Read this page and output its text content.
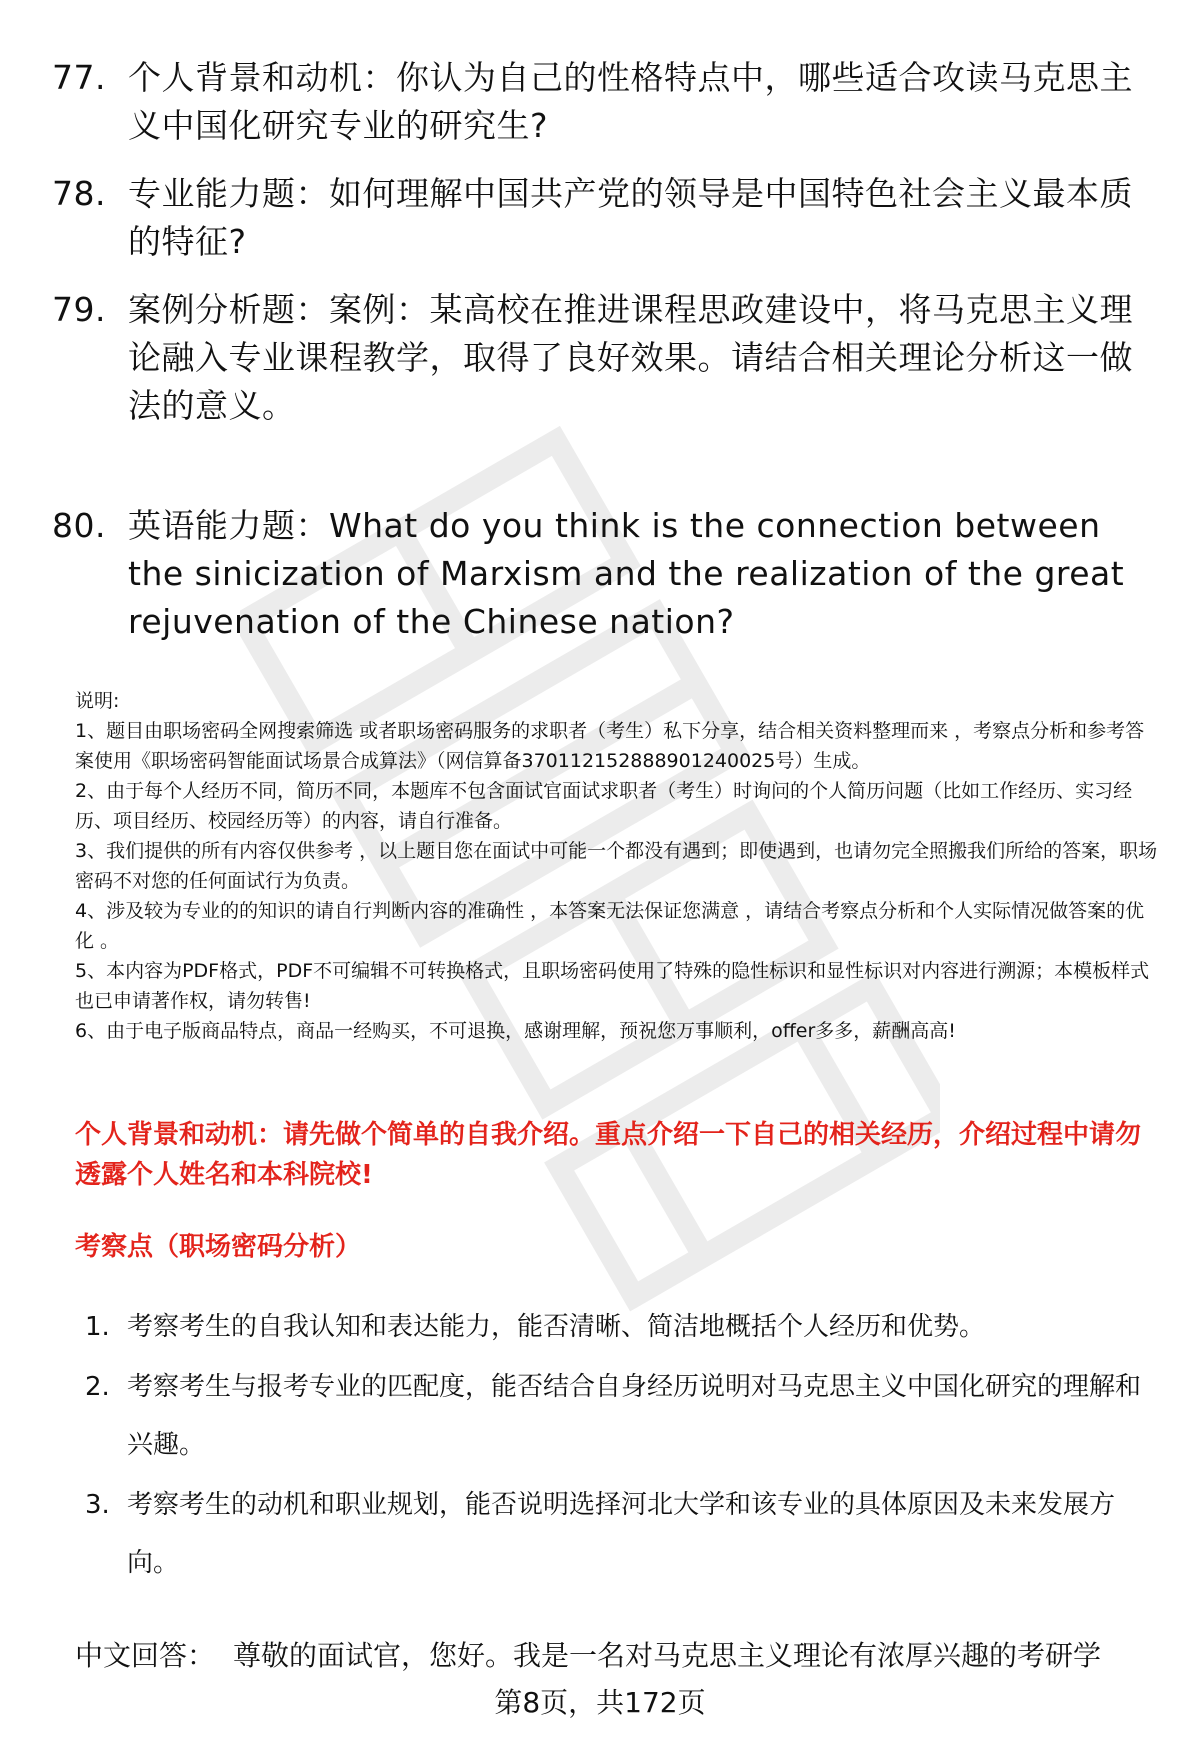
77. 个人背景和动机：你认为自己的性格特点中，哪些适合攻读马克思主义中国化研究专业的研究生?
78. 专业能力题：如何理解中国共产党的领导是中国特色社会主义最本质的特征?
79. 案例分析题：案例：某高校在推进课程思政建设中，将马克思主义理论融入专业课程教学，取得了良好效果。请结合相关理论分析这一做法的意义。
80. 英语能力题：What do you think is the connection between the sinicization of Marxism and the realization of the great rejuvenation of the Chinese nation?

说明:

1、题目由职场密码全网搜索筛选 或者职场密码服务的求职者（考生）私下分享，结合相关资料整理而来 ，考察点分析和参考答案使用《职场密码智能面试场景合成算法》（网信算备370112152888901240025号）生成。

2、由于每个人经历不同，简历不同，本题库不包含面试官面试求职者（考生）时询问的个人简历问题（比如工作经历、实习经历、项目经历、校园经历等）的内容，请自行准备。

3、我们提供的所有内容仅供参考 ，以上题目您在面试中可能一个都没有遇到；即使遇到，也请勿完全照搬我们所给的答案，职场密码不对您的任何面试行为负责。

4、涉及较为专业的的知识的请自行判断内容的准确性 ，本答案无法保证您满意 ，请结合考察点分析和个人实际情况做答案的优化 。

5、本内容为PDF格式，PDF不可编辑不可转换格式，且职场密码使用了特殊的隐性标识和显性标识对内容进行溯源；本模板样式也已申请著作权，请勿转售!

6、由于电子版商品特点，商品一经购买，不可退换，感谢理解，预祝您万事顺利，offer多多，薪酬高高!

个人背景和动机：请先做个简单的自我介绍。重点介绍一下自己的相关经历，介绍过程中请勿透露个人姓名和本科院校!
考察点（职场密码分析）
1. 考察考生的自我认知和表达能力，能否清晰、简洁地概括个人经历和优势。
2. 考察考生与报考专业的匹配度，能否结合自身经历说明对马克思主义中国化研究的理解和兴趣。
3. 考察考生的动机和职业规划，能否说明选择河北大学和该专业的具体原因及未来发展方向。
中文回答： 尊敬的面试官，您好。我是一名对马克思主义理论有浓厚兴趣的考研学
第8页，共172页
